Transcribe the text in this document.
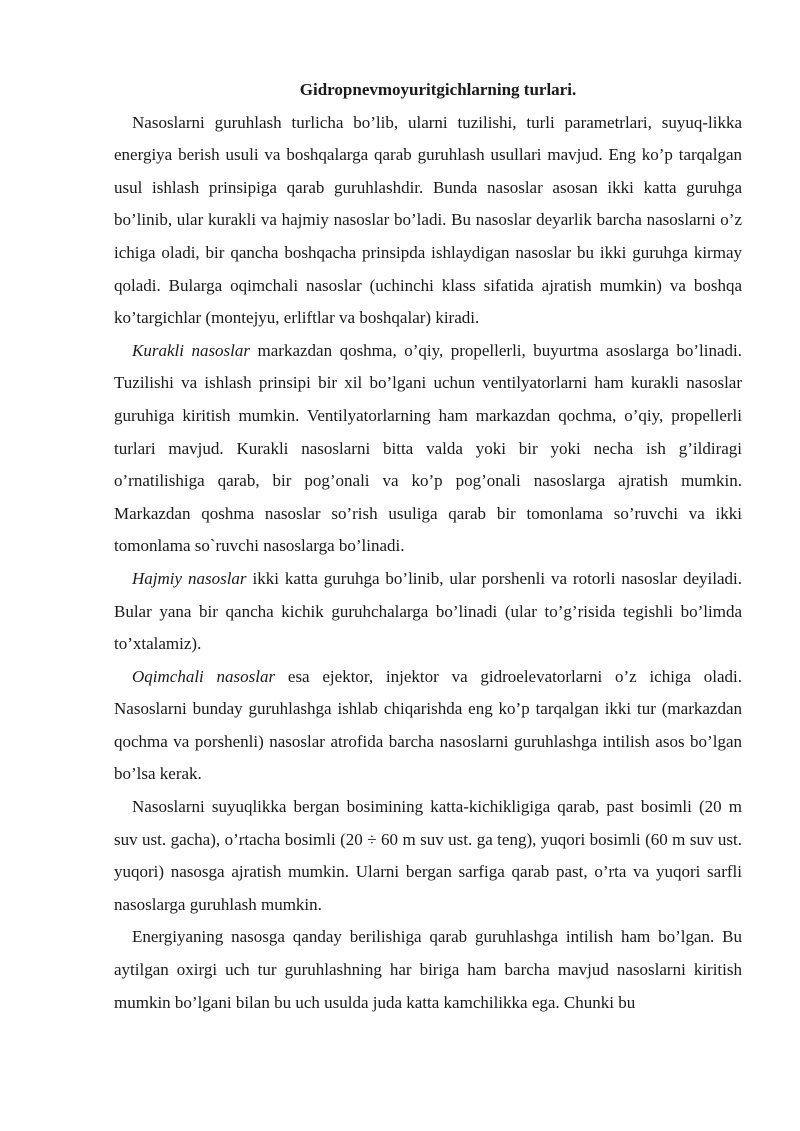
Gidropnevmoyuritgichlarning turlari.

Nasoslarni guruhlash turlicha bo’lib, ularni tuzilishi, turli parametrlari, suyuq-likka energiya berish usuli va boshqalarga qarab guruhlash usullari mavjud. Eng ko’p tarqalgan usul ishlash prinsipiga qarab guruhlashdir. Bunda nasoslar asosan ikki katta guruhga bo’linib, ular kurakli va hajmiy nasoslar bo’ladi. Bu nasoslar deyarlik barcha nasoslarni o’z ichiga oladi, bir qancha boshqacha prinsipda ishlaydigan nasoslar bu ikki guruhga kirmay qoladi. Bularga oqimchali nasoslar (uchinchi klass sifatida ajratish mumkin) va boshqa ko’targichlar (montejyu, erliftlar va boshqalar) kiradi.

Kurakli nasoslar markazdan qoshma, o’qiy, propellerli, buyurtma asoslarga bo’linadi. Tuzilishi va ishlash prinsipi bir xil bo’lgani uchun ventilyatorlarni ham kurakli nasoslar guruhiga kiritish mumkin. Ventilyatorlarning ham markazdan qochma, o’qiy, propellerli turlari mavjud. Kurakli nasoslarni bitta valda yoki bir yoki necha ish g’ildiragi o’rnatilishiga qarab, bir pog’onali va ko’p pog’onali nasoslarga ajratish mumkin. Markazdan qoshma nasoslar so’rish usuliga qarab bir tomonlama so’ruvchi va ikki tomonlama so`ruvchi nasoslarga bo’linadi.

Hajmiy nasoslar ikki katta guruhga bo’linib, ular porshenli va rotorli nasoslar deyiladi. Bular yana bir qancha kichik guruhchalarga bo’linadi (ular to’g’risida tegishli bo’limda to’xtalamiz).

Oqimchali nasoslar esa ejektor, injektor va gidroelevatorlarni o’z ichiga oladi. Nasoslarni bunday guruhlashga ishlab chiqarishda eng ko’p tarqalgan ikki tur (markazdan qochma va porshenli) nasoslar atrofida barcha nasoslarni guruhlashga intilish asos bo’lgan bo’lsa kerak.

Nasoslarni suyuqlikka bergan bosimining katta-kichikligiga qarab, past bosimli (20 m suv ust. gacha), o’rtacha bosimli (20 ÷ 60 m suv ust. ga teng), yuqori bosimli (60 m suv ust. yuqori) nasosga ajratish mumkin. Ularni bergan sarfiga qarab past, o’rta va yuqori sarfli nasoslarga guruhlash mumkin.

Energiyaning nasosga qanday berilishiga qarab guruhlashga intilish ham bo’lgan. Bu aytilgan oxirgi uch tur guruhlashning har biriga ham barcha mavjud nasoslarni kiritish mumkin bo’lgani bilan bu uch usulda juda katta kamchilikka ega. Chunki bu
